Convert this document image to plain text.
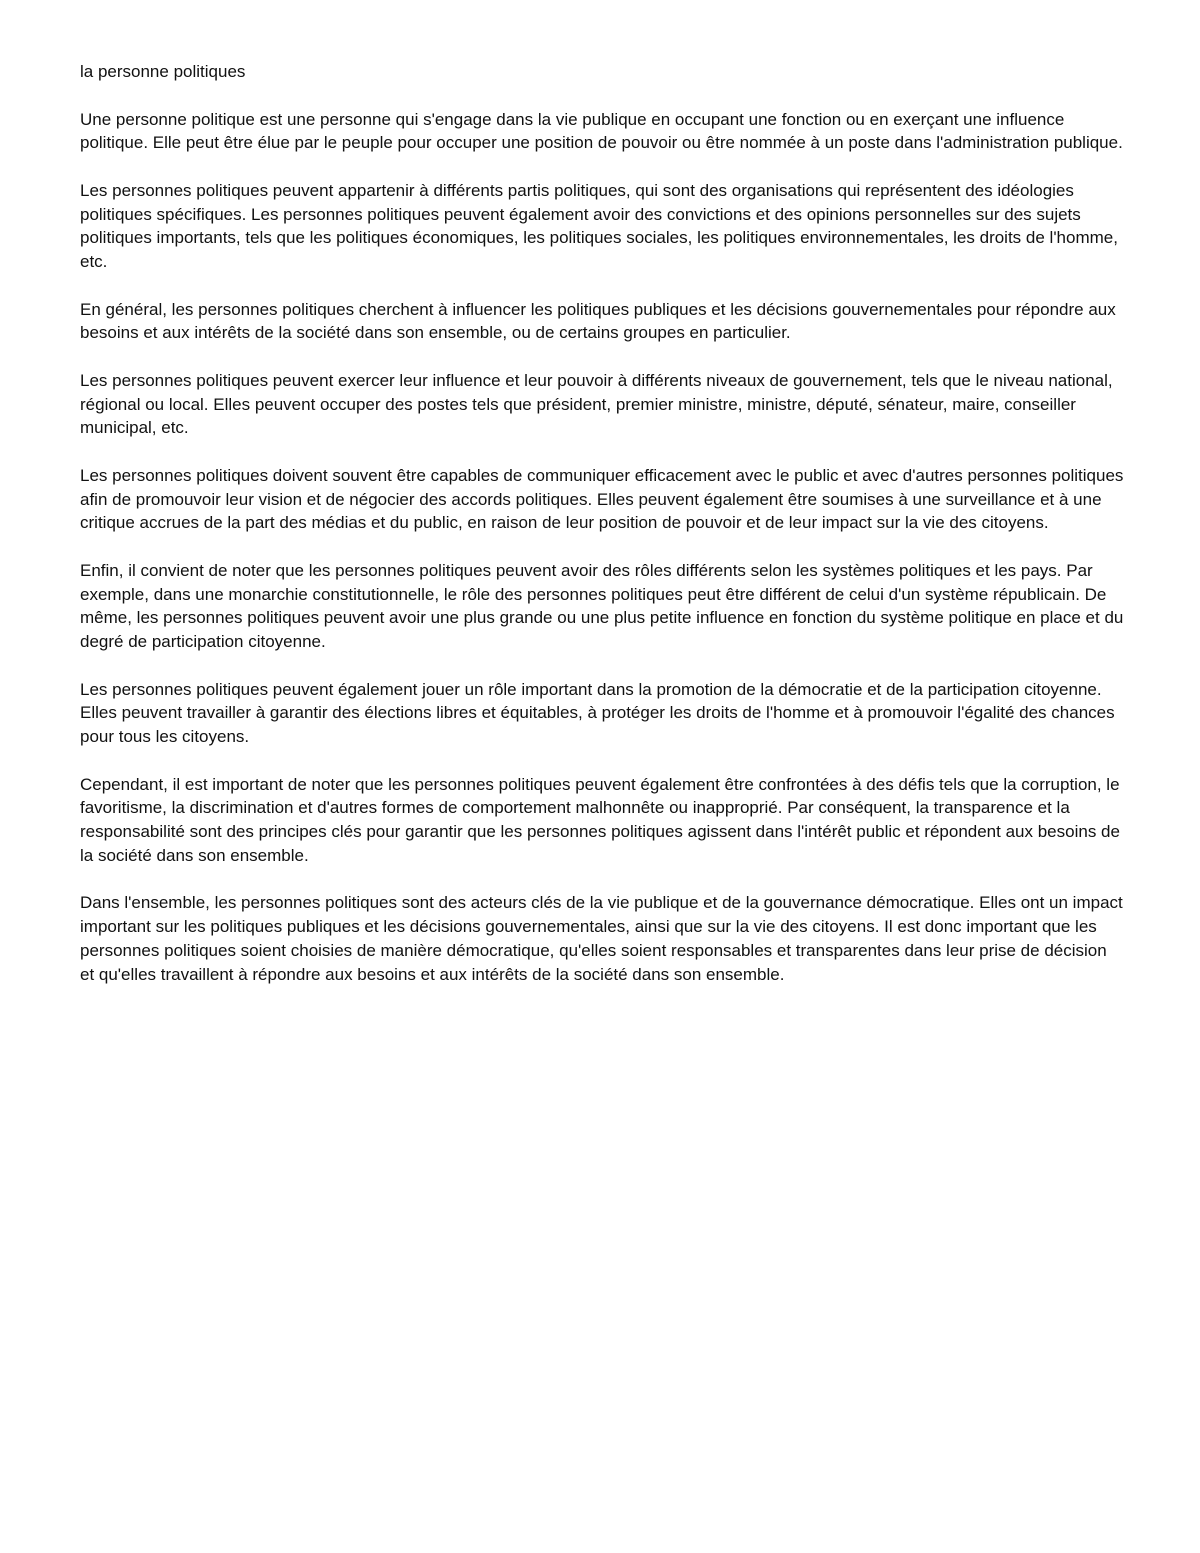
la personne politiques

Une personne politique est une personne qui s'engage dans la vie publique en occupant une fonction ou en exerçant une influence politique. Elle peut être élue par le peuple pour occuper une position de pouvoir ou être nommée à un poste dans l'administration publique.

Les personnes politiques peuvent appartenir à différents partis politiques, qui sont des organisations qui représentent des idéologies politiques spécifiques. Les personnes politiques peuvent également avoir des convictions et des opinions personnelles sur des sujets politiques importants, tels que les politiques économiques, les politiques sociales, les politiques environnementales, les droits de l'homme, etc.

En général, les personnes politiques cherchent à influencer les politiques publiques et les décisions gouvernementales pour répondre aux besoins et aux intérêts de la société dans son ensemble, ou de certains groupes en particulier.

Les personnes politiques peuvent exercer leur influence et leur pouvoir à différents niveaux de gouvernement, tels que le niveau national, régional ou local. Elles peuvent occuper des postes tels que président, premier ministre, ministre, député, sénateur, maire, conseiller municipal, etc.

Les personnes politiques doivent souvent être capables de communiquer efficacement avec le public et avec d'autres personnes politiques afin de promouvoir leur vision et de négocier des accords politiques. Elles peuvent également être soumises à une surveillance et à une critique accrues de la part des médias et du public, en raison de leur position de pouvoir et de leur impact sur la vie des citoyens.

Enfin, il convient de noter que les personnes politiques peuvent avoir des rôles différents selon les systèmes politiques et les pays. Par exemple, dans une monarchie constitutionnelle, le rôle des personnes politiques peut être différent de celui d'un système républicain. De même, les personnes politiques peuvent avoir une plus grande ou une plus petite influence en fonction du système politique en place et du degré de participation citoyenne.

Les personnes politiques peuvent également jouer un rôle important dans la promotion de la démocratie et de la participation citoyenne. Elles peuvent travailler à garantir des élections libres et équitables, à protéger les droits de l'homme et à promouvoir l'égalité des chances pour tous les citoyens.

Cependant, il est important de noter que les personnes politiques peuvent également être confrontées à des défis tels que la corruption, le favoritisme, la discrimination et d'autres formes de comportement malhonnête ou inapproprié. Par conséquent, la transparence et la responsabilité sont des principes clés pour garantir que les personnes politiques agissent dans l'intérêt public et répondent aux besoins de la société dans son ensemble.

Dans l'ensemble, les personnes politiques sont des acteurs clés de la vie publique et de la gouvernance démocratique. Elles ont un impact important sur les politiques publiques et les décisions gouvernementales, ainsi que sur la vie des citoyens. Il est donc important que les personnes politiques soient choisies de manière démocratique, qu'elles soient responsables et transparentes dans leur prise de décision et qu'elles travaillent à répondre aux besoins et aux intérêts de la société dans son ensemble.
